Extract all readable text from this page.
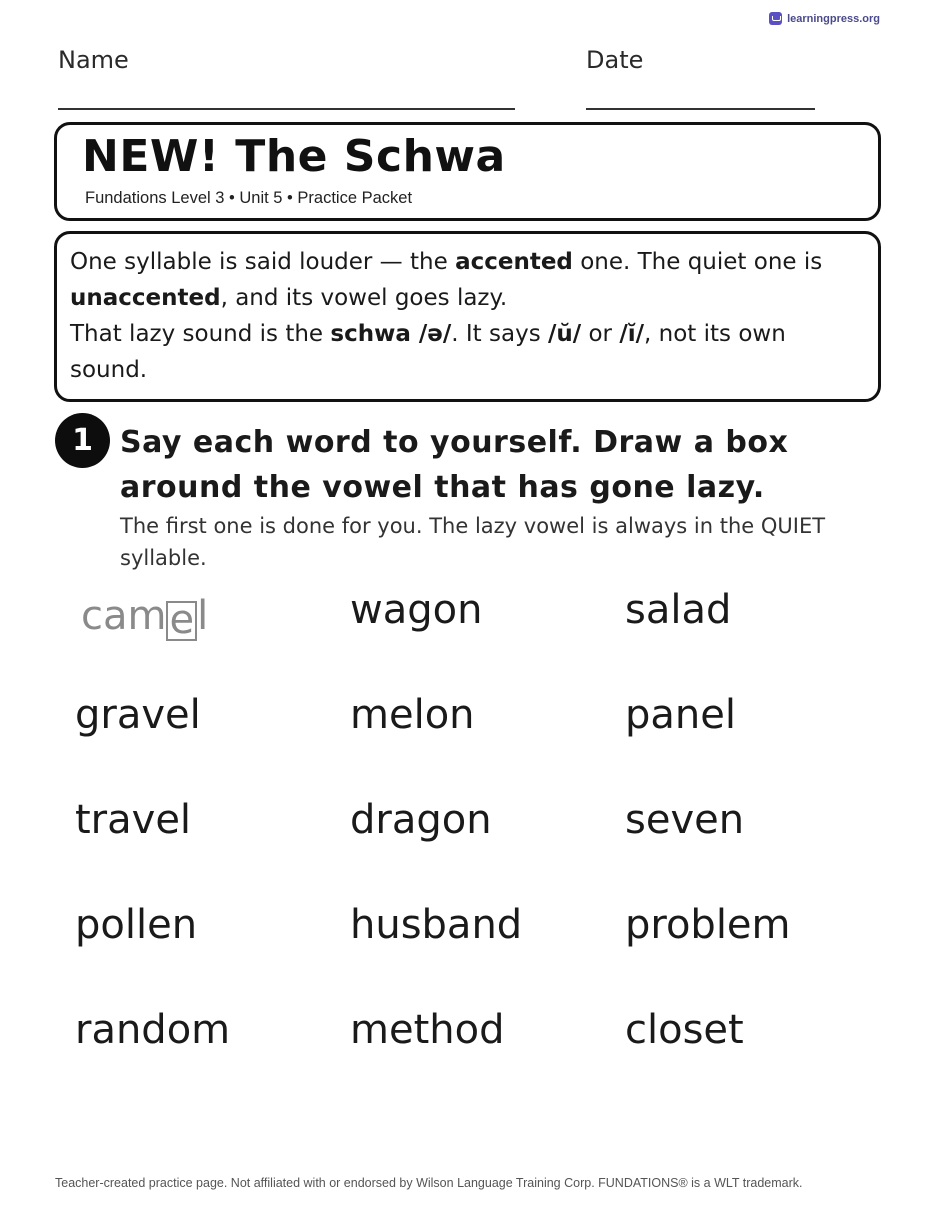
learningpress.org
Name	Date
NEW! The Schwa
Fundations Level 3 • Unit 5 • Practice Packet

One syllable is said louder — the accented one. The quiet one is unaccented, and its vowel goes lazy.

That lazy sound is the schwa /ə/. It says /ŭ/ or /ĭ/, not its own sound.

1 Say each word to yourself. Draw a box around the vowel that has gone lazy.
The first one is done for you. The lazy vowel is always in the QUIET syllable.
camel	wagon	salad
gravel	melon	panel
travel	dragon	seven
pollen	husband	problem
random	method	closet
Teacher-created practice page. Not affiliated with or endorsed by Wilson Language Training Corp. FUNDATIONS® is a WLT trademark.
